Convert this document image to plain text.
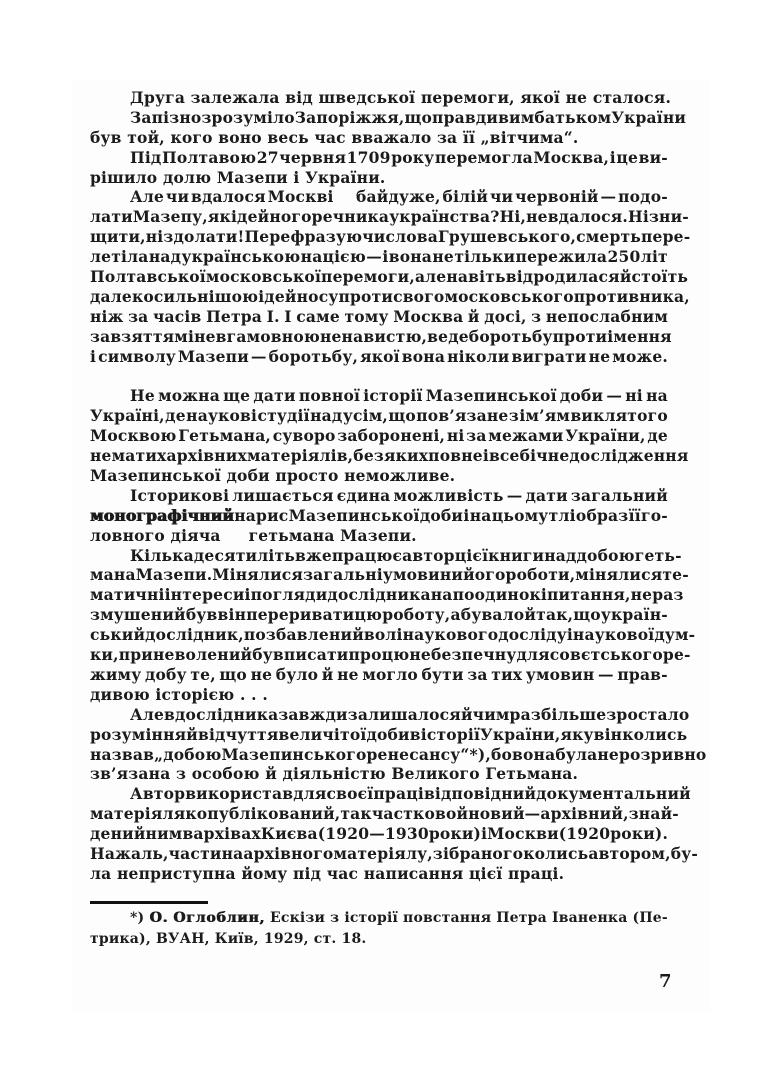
Друга залежала від шведської перемоги, якої не сталося.
Запізно зрозуміло Запоріжжя, що правдивим батьком України
був той, кого воно весь час вважало за її „вітчима“.
Під Полтавою 27 червня 1709 року перемогла Москва, і це ви-
рішило долю Мазепи і України.
Але чи вдалося Москві    байдуже, білій чи червоній — подо-
лати Мазепу, як ідейного речника українства? Ні, не вдалося. Ні зни-
щити, ні здолати! Перефразуючи слова Грушевського, смерть пере-
летіла над українською нацією — і вона не тільки пережила 250 літ
Полтавської московської перемоги, але навіть відродилася й стоїть
далеко сильнішою ідейно супроти свого московського противника,
ніж за часів Петра І. І саме тому Москва й досі, з непослабним
завзяттям і невгамовною ненавистю, веде боротьбу проти імення
і символу Мазепи — боротьбу, якої вона ніколи виграти не може.
Не можна ще дати повної історії Мазепинської доби — ні на
Україні, де наукові студії над усім, що пов’язане з ім’ям виклятого
Москвою Гетьмана, суворо заборонені, ні за межами України, де
нема тих архівних матеріялів, без яких повне і всебічне дослідження
Мазепинської доби просто неможливе.
Історикові лишається єдина можливість — дати загальний
монографічний нарис Мазепинської доби і на цьому тлі образ її го-
ловного діяча     гетьмана Мазепи.
Кілька десятиліть вже працює автор цієї книги над добою геть-
мана Мазепи. Мінялися загальні умовини його роботи, мінялися те-
матичні інтереси і погляди дослідника на поодинокі питання, не раз
змушений був він переривати цю роботу, а бувало й так, що україн-
ський дослідник, позбавлений волі наукового досліду і наукової дум-
ки, приневолений був писати про цю небезпечну для совєтського ре-
жиму добу те, що не було й не могло бути за тих умовин — прав-
дивою історією . . .
Але в дослідника завжди залишалося й чимраз більше зростало
розуміння й відчуття величі тої доби в історії України, яку він колись
назвав „добою Мазепинського ренесансу“*), бо вона була нерозривно
зв’язана з особою й діяльністю Великого Гетьмана.
Автор використав для своєї праці відповідний документальний
матеріял як опублікований, так частково й новий — архівний, знай-
дений ним в архівах Києва (1920—1930 роки) і Москви (1920 роки).
На жаль, частина архівного матеріялу, зібраного колись автором, бу-
ла неприступна йому під час написання цієї праці.
*) О. Оглоблин, Ескізи з історії повстання Петра Іваненка (Пе-
трика), ВУАН, Київ, 1929, ст. 18.
7
